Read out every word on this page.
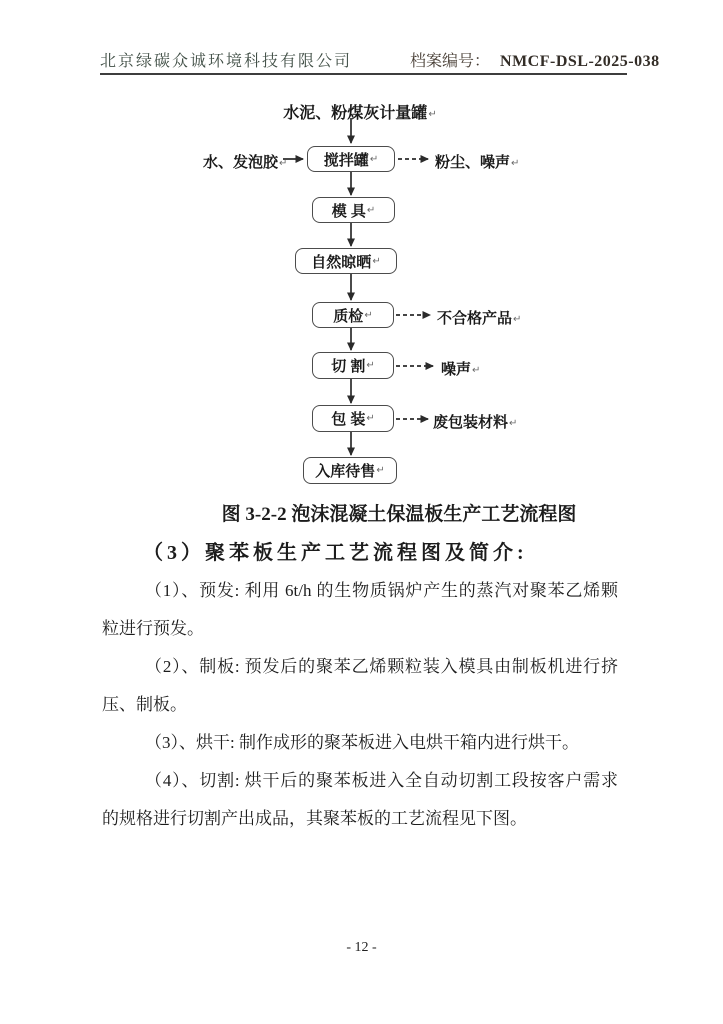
北京绿碳众诚环境科技有限公司	档案编号： NMCF-DSL-2025-038
水泥、粉煤灰计量罐↵
水、发泡胶↵ 搅拌罐 ↵
模 具 ↵
自然晾晒 ↵
质检 ↵
切 割 ↵
包 装 ↵
入库待售 ↵
粉尘、噪声↵
不合格产品↵
噪声↵
废包装材料↵
图 3-2-2 泡沫混凝土保温板生产工艺流程图
（3）聚苯板生产工艺流程图及简介:
（1）、预发: 利用 6t/h 的生物质锅炉产生的蒸汽对聚苯乙烯颗
粒进行预发。
（2）、制板: 预发后的聚苯乙烯颗粒装入模具由制板机进行挤
压、制板。
（3）、烘干: 制作成形的聚苯板进入电烘干箱内进行烘干。
（4）、切割: 烘干后的聚苯板进入全自动切割工段按客户需求
的规格进行切割产出成品，其聚苯板的工艺流程见下图。
- 12 -
